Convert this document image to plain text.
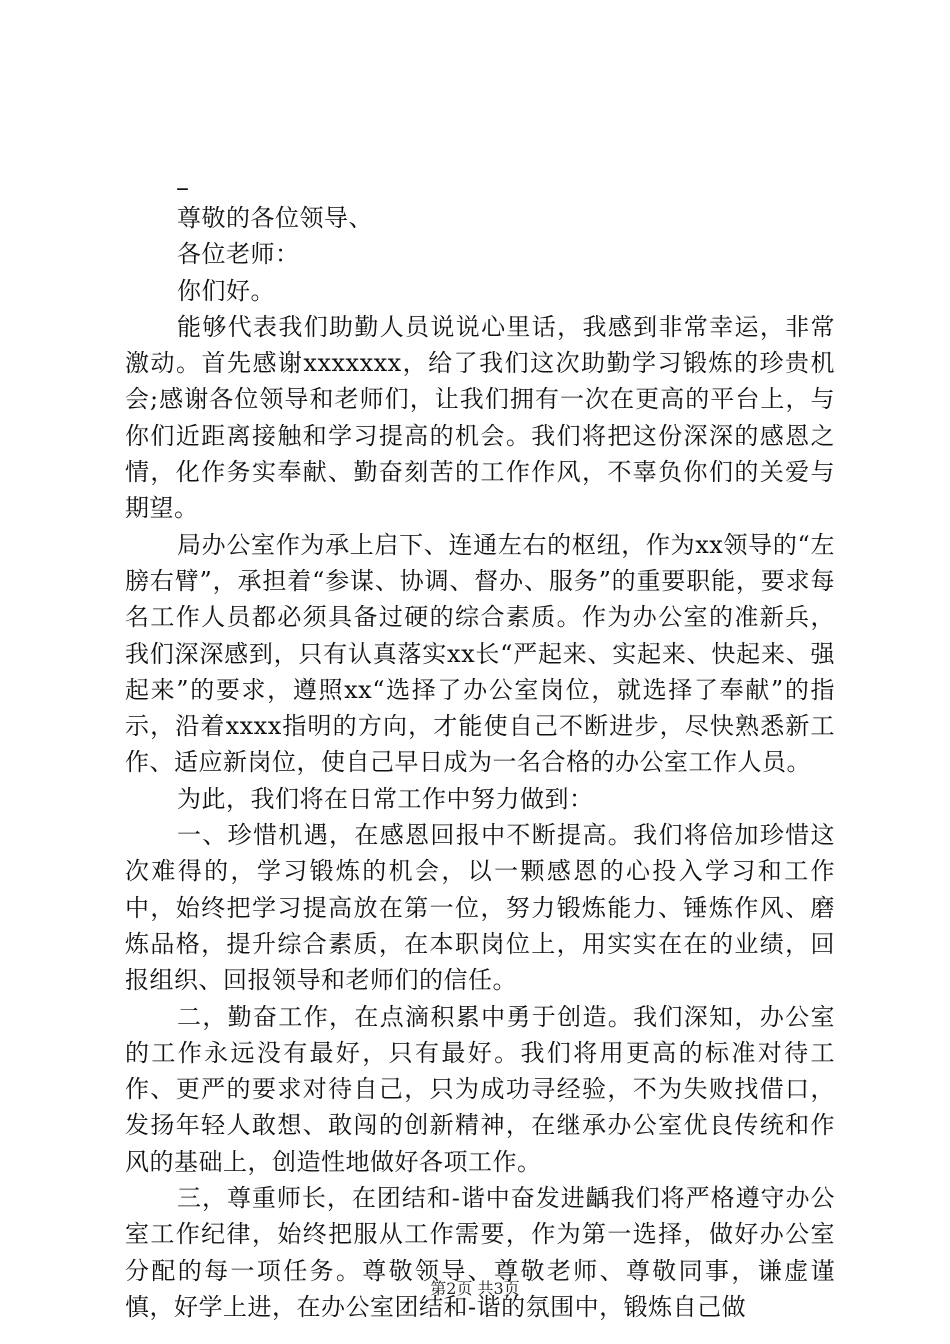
–

尊敬的各位领导、

各位老师：

你们好。

能够代表我们助勤人员说说心里话，我感到非常幸运，非常激动。首先感谢xxxxxxx，给了我们这次助勤学习锻炼的珍贵机会;感谢各位领导和老师们，让我们拥有一次在更高的平台上，与你们近距离接触和学习提高的机会。我们将把这份深深的感恩之情，化作务实奉献、勤奋刻苦的工作作风，不辜负你们的关爱与期望。

局办公室作为承上启下、连通左右的枢纽，作为xx领导的“左膀右臂”，承担着“参谋、协调、督办、服务”的重要职能，要求每名工作人员都必须具备过硬的综合素质。作为办公室的准新兵，我们深深感到，只有认真落实xx长“严起来、实起来、快起来、强起来”的要求，遵照xx“选择了办公室岗位，就选择了奉献”的指示，沿着xxxx指明的方向，才能使自己不断进步，尽快熟悉新工作、适应新岗位，使自己早日成为一名合格的办公室工作人员。

为此，我们将在日常工作中努力做到：

一、珍惜机遇，在感恩回报中不断提高。我们将倍加珍惜这次难得的，学习锻炼的机会，以一颗感恩的心投入学习和工作中，始终把学习提高放在第一位，努力锻炼能力、锤炼作风、磨炼品格，提升综合素质，在本职岗位上，用实实在在的业绩，回报组织、回报领导和老师们的信任。

二，勤奋工作，在点滴积累中勇于创造。我们深知，办公室的工作永远没有最好，只有最好。我们将用更高的标准对待工作、更严的要求对待自己，只为成功寻经验，不为失败找借口，发扬年轻人敢想、敢闯的创新精神，在继承办公室优良传统和作风的基础上，创造性地做好各项工作。

三，尊重师长，在团结和-谐中奋发进齲我们将严格遵守办公室工作纪律，始终把服从工作需要，作为第一选择，做好办公室分配的每一项任务。尊敬领导、尊敬老师、尊敬同事，谦虚谨慎，好学上进，在办公室团结和-谐的氛围中，锻炼自己做

第2页 共3页
